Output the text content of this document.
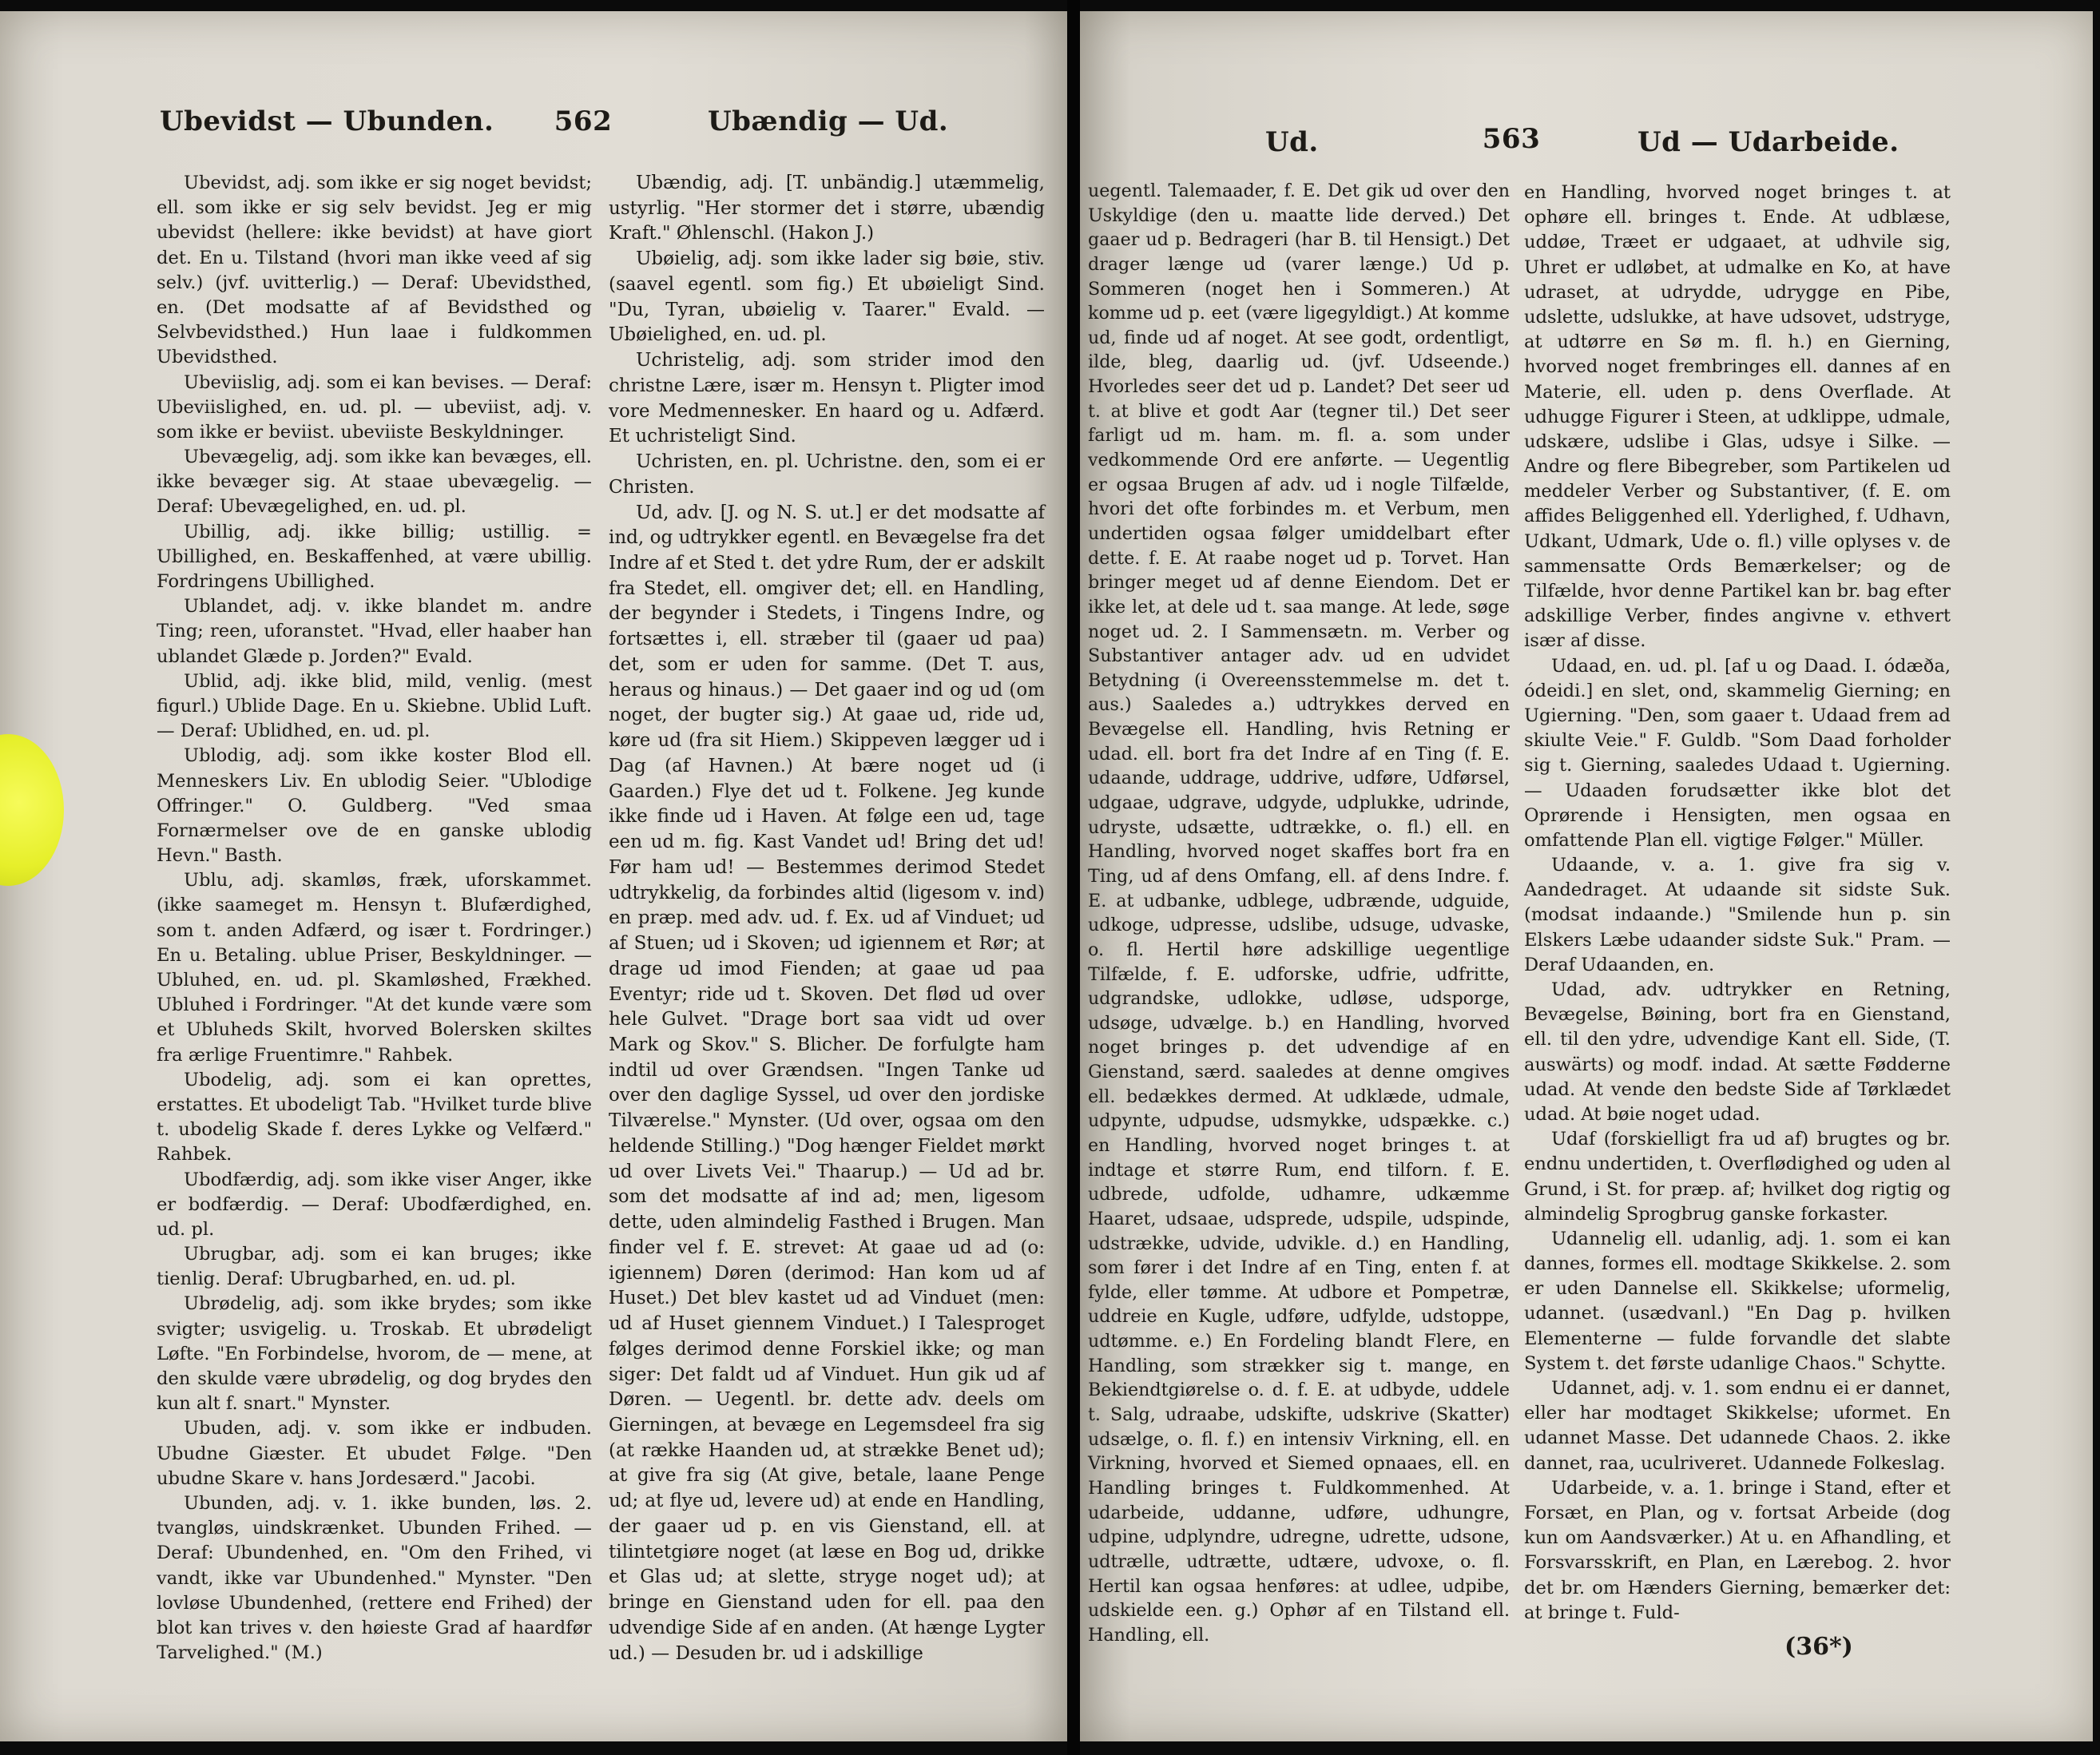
Ubevidst — Ubunden.	562	Ubændig — Ud.

Ubevidst, adj. som ikke er sig noget bevidst; ell. som ikke er sig selv bevidst. Jeg er mig ubevidst (hellere: ikke bevidst) at have giort det. En u. Tilstand (hvori man ikke veed af sig selv.) (jvf. uvitterlig.) — Deraf: Ubevidsthed, en. (Det modsatte af af Bevidsthed og Selvbevidsthed.) Hun laae i fuldkommen Ubevidsthed.

Ubeviislig, adj. som ei kan bevises. — Deraf: Ubeviislighed, en. ud. pl. — ubeviist, adj. v. som ikke er beviist. ubeviiste Beskyldninger.

Ubevægelig, adj. som ikke kan bevæges, ell. ikke bevæger sig. At staae ubevægelig. — Deraf: Ubevægelighed, en. ud. pl.

Ubillig, adj. ikke billig; ustillig. = Ubillighed, en. Beskaffenhed, at være ubillig. Fordringens Ubillighed.

Ublandet, adj. v. ikke blandet m. andre Ting; reen, uforanstet. "Hvad, eller haaber han ublandet Glæde p. Jorden?" Evald.

Ublid, adj. ikke blid, mild, venlig. (mest figurl.) Ublide Dage. En u. Skiebne. Ublid Luft. — Deraf: Ublidhed, en. ud. pl.

Ublodig, adj. som ikke koster Blod ell. Menneskers Liv. En ublodig Seier. "Ublodige Offringer." O. Guldberg. "Ved smaa Fornærmelser ove de en ganske ublodig Hevn." Basth.

Ublu, adj. skamløs, fræk, uforskammet. (ikke saameget m. Hensyn t. Blufærdighed, som t. anden Adfærd, og især t. Fordringer.) En u. Betaling. ublue Priser, Beskyldninger. — Ubluhed, en. ud. pl. Skamløshed, Frækhed. Ubluhed i Fordringer. "At det kunde være som et Ubluheds Skilt, hvorved Bolersken skiltes fra ærlige Fruentimre." Rahbek.

Ubodelig, adj. som ei kan oprettes, erstattes. Et ubodeligt Tab. "Hvilket turde blive t. ubodelig Skade f. deres Lykke og Velfærd." Rahbek.

Ubodfærdig, adj. som ikke viser Anger, ikke er bodfærdig. — Deraf: Ubodfærdighed, en. ud. pl.

Ubrugbar, adj. som ei kan bruges; ikke tienlig. Deraf: Ubrugbarhed, en. ud. pl.

Ubrødelig, adj. som ikke brydes; som ikke svigter; usvigelig. u. Troskab. Et ubrødeligt Løfte. "En Forbindelse, hvorom, de — mene, at den skulde være ubrødelig, og dog brydes den kun alt f. snart." Mynster.

Ubuden, adj. v. som ikke er indbuden. Ubudne Giæster. Et ubudet Følge. "Den ubudne Skare v. hans Jordesærd." Jacobi.

Ubunden, adj. v. 1. ikke bunden, løs. 2. tvangløs, uindskrænket. Ubunden Frihed. — Deraf: Ubundenhed, en. "Om den Frihed, vi vandt, ikke var Ubundenhed." Mynster. "Den lovløse Ubundenhed, (rettere end Frihed) der blot kan trives v. den høieste Grad af haardfør Tarvelighed." (M.)

Ubændig, adj. [T. unbändig.] utæmmelig, ustyrlig. "Her stormer det i større, ubændig Kraft." Øhlenschl. (Hakon J.)

Ubøielig, adj. som ikke lader sig bøie, stiv. (saavel egentl. som fig.) Et ubøieligt Sind. "Du, Tyran, ubøielig v. Taarer." Evald. — Ubøielighed, en. ud. pl.

Uchristelig, adj. som strider imod den christne Lære, især m. Hensyn t. Pligter imod vore Medmennesker. En haard og u. Adfærd. Et uchristeligt Sind.

Uchristen, en. pl. Uchristne. den, som ei er Christen.

Ud, adv. [J. og N. S. ut.] er det modsatte af ind, og udtrykker egentl. en Bevægelse fra det Indre af et Sted t. det ydre Rum, der er adskilt fra Stedet, ell. omgiver det; ell. en Handling, der begynder i Stedets, i Tingens Indre, og fortsættes i, ell. stræber til (gaaer ud paa) det, som er uden for samme. (Det T. aus, heraus og hinaus.) — Det gaaer ind og ud (om noget, der bugter sig.) At gaae ud, ride ud, køre ud (fra sit Hiem.) Skippeven lægger ud i Dag (af Havnen.) At bære noget ud (i Gaarden.) Flye det ud t. Folkene. Jeg kunde ikke finde ud i Haven. At følge een ud, tage een ud m. fig. Kast Vandet ud! Bring det ud! Før ham ud! — Bestemmes derimod Stedet udtrykkelig, da forbindes altid (ligesom v. ind) en præp. med adv. ud. f. Ex. ud af Vinduet; ud af Stuen; ud i Skoven; ud igiennem et Rør; at drage ud imod Fienden; at gaae ud paa Eventyr; ride ud t. Skoven. Det flød ud over hele Gulvet. "Drage bort saa vidt ud over Mark og Skov." S. Blicher. De forfulgte ham indtil ud over Grændsen. "Ingen Tanke ud over den daglige Syssel, ud over den jordiske Tilværelse." Mynster. (Ud over, ogsaa om den heldende Stilling.) "Dog hænger Fieldet mørkt ud over Livets Vei." Thaarup.) — Ud ad br. som det modsatte af ind ad; men, ligesom dette, uden almindelig Fasthed i Brugen. Man finder vel f. E. strevet: At gaae ud ad (o: igiennem) Døren (derimod: Han kom ud af Huset.) Det blev kastet ud ad Vinduet (men: ud af Huset giennem Vinduet.) I Talesproget følges derimod denne Forskiel ikke; og man siger: Det faldt ud af Vinduet. Hun gik ud af Døren. — Uegentl. br. dette adv. deels om Gierningen, at bevæge en Legemsdeel fra sig (at række Haanden ud, at strække Benet ud); at give fra sig (At give, betale, laane Penge ud; at flye ud, levere ud) at ende en Handling, der gaaer ud p. en vis Gienstand, ell. at tilintetgiøre noget (at læse en Bog ud, drikke et Glas ud; at slette, stryge noget ud); at bringe en Gienstand uden for ell. paa den udvendige Side af en anden. (At hænge Lygter ud.) — Desuden br. ud i adskillige

Ud.	563	Ud — Udarbeide.

uegentl. Talemaader, f. E. Det gik ud over den Uskyldige (den u. maatte lide derved.) Det gaaer ud p. Bedrageri (har B. til Hensigt.) Det drager længe ud (varer længe.) Ud p. Sommeren (noget hen i Sommeren.) At komme ud p. eet (være ligegyldigt.) At komme ud, finde ud af noget. At see godt, ordentligt, ilde, bleg, daarlig ud. (jvf. Udseende.) Hvorledes seer det ud p. Landet? Det seer ud t. at blive et godt Aar (tegner til.) Det seer farligt ud m. ham. m. fl. a. som under vedkommende Ord ere anførte. — Uegentlig er ogsaa Brugen af adv. ud i nogle Tilfælde, hvori det ofte forbindes m. et Verbum, men undertiden ogsaa følger umiddelbart efter dette. f. E. At raabe noget ud p. Torvet. Han bringer meget ud af denne Eiendom. Det er ikke let, at dele ud t. saa mange. At lede, søge noget ud. 2. I Sammensætn. m. Verber og Substantiver antager adv. ud en udvidet Betydning (i Overeensstemmelse m. det t. aus.) Saaledes a.) udtrykkes derved en Bevægelse ell. Handling, hvis Retning er udad. ell. bort fra det Indre af en Ting (f. E. udaande, uddrage, uddrive, udføre, Udførsel, udgaae, udgrave, udgyde, udplukke, udrinde, udryste, udsætte, udtrække, o. fl.) ell. en Handling, hvorved noget skaffes bort fra en Ting, ud af dens Omfang, ell. af dens Indre. f. E. at udbanke, udblege, udbrænde, udguide, udkoge, udpresse, udslibe, udsuge, udvaske, o. fl. Hertil høre adskillige uegentlige Tilfælde, f. E. udforske, udfrie, udfritte, udgrandske, udlokke, udløse, udsporge, udsøge, udvælge. b.) en Handling, hvorved noget bringes p. det udvendige af en Gienstand, særd. saaledes at denne omgives ell. bedækkes dermed. At udklæde, udmale, udpynte, udpudse, udsmykke, udspække. c.) en Handling, hvorved noget bringes t. at indtage et større Rum, end tilforn. f. E. udbrede, udfolde, udhamre, udkæmme Haaret, udsaae, udsprede, udspile, udspinde, udstrække, udvide, udvikle. d.) en Handling, som fører i det Indre af en Ting, enten f. at fylde, eller tømme. At udbore et Pompetræ, uddreie en Kugle, udføre, udfylde, udstoppe, udtømme. e.) En Fordeling blandt Flere, en Handling, som strækker sig t. mange, en Bekiendtgiørelse o. d. f. E. at udbyde, uddele t. Salg, udraabe, udskifte, udskrive (Skatter) udsælge, o. fl. f.) en intensiv Virkning, ell. en Virkning, hvorved et Siemed opnaaes, ell. en Handling bringes t. Fuldkommenhed. At udarbeide, uddanne, udføre, udhungre, udpine, udplyndre, udregne, udrette, udsone, udtrælle, udtrætte, udtære, udvoxe, o. fl. Hertil kan ogsaa henføres: at udlee, udpibe, udskielde een. g.) Ophør af en Tilstand ell. Handling, ell.

en Handling, hvorved noget bringes t. at ophøre ell. bringes t. Ende. At udblæse, uddøe, Træet er udgaaet, at udhvile sig, Uhret er udløbet, at udmalke en Ko, at have udraset, at udrydde, udrygge en Pibe, udslette, udslukke, at have udsovet, udstryge, at udtørre en Sø m. fl. h.) en Gierning, hvorved noget frembringes ell. dannes af en Materie, ell. uden p. dens Overflade. At udhugge Figurer i Steen, at udklippe, udmale, udskære, udslibe i Glas, udsye i Silke. — Andre og flere Bibegreber, som Partikelen ud meddeler Verber og Substantiver, (f. E. om affides Beliggenhed ell. Yderlighed, f. Udhavn, Udkant, Udmark, Ude o. fl.) ville oplyses v. de sammensatte Ords Bemærkelser; og de Tilfælde, hvor denne Partikel kan br. bag efter adskillige Verber, findes angivne v. ethvert især af disse.

Udaad, en. ud. pl. [af u og Daad. I. ódæða, ódeidi.] en slet, ond, skammelig Gierning; en Ugierning. "Den, som gaaer t. Udaad frem ad skiulte Veie." F. Guldb. "Som Daad forholder sig t. Gierning, saaledes Udaad t. Ugierning. — Udaaden forudsætter ikke blot det Oprørende i Hensigten, men ogsaa en omfattende Plan ell. vigtige Følger." Müller.

Udaande, v. a. 1. give fra sig v. Aandedraget. At udaande sit sidste Suk. (modsat indaande.) "Smilende hun p. sin Elskers Læbe udaander sidste Suk." Pram. — Deraf Udaanden, en.

Udad, adv. udtrykker en Retning, Bevægelse, Bøining, bort fra en Gienstand, ell. til den ydre, udvendige Kant ell. Side, (T. auswärts) og modf. indad. At sætte Fødderne udad. At vende den bedste Side af Tørklædet udad. At bøie noget udad.

Udaf (forskielligt fra ud af) brugtes og br. endnu undertiden, t. Overflødighed og uden al Grund, i St. for præp. af; hvilket dog rigtig og almindelig Sprogbrug ganske forkaster.

Udannelig ell. udanlig, adj. 1. som ei kan dannes, formes ell. modtage Skikkelse. 2. som er uden Dannelse ell. Skikkelse; uformelig, udannet. (usædvanl.) "En Dag p. hvilken Elementerne — fulde forvandle det slabte System t. det første udanlige Chaos." Schytte.

Udannet, adj. v. 1. som endnu ei er dannet, eller har modtaget Skikkelse; uformet. En udannet Masse. Det udannede Chaos. 2. ikke dannet, raa, uculriveret. Udannede Folkeslag.

Udarbeide, v. a. 1. bringe i Stand, efter et Forsæt, en Plan, og v. fortsat Arbeide (dog kun om Aandsværker.) At u. en Afhandling, et Forsvarsskrift, en Plan, en Lærebog. 2. hvor det br. om Hænders Gierning, bemærker det: at bringe t. Fuld-

(36*)
